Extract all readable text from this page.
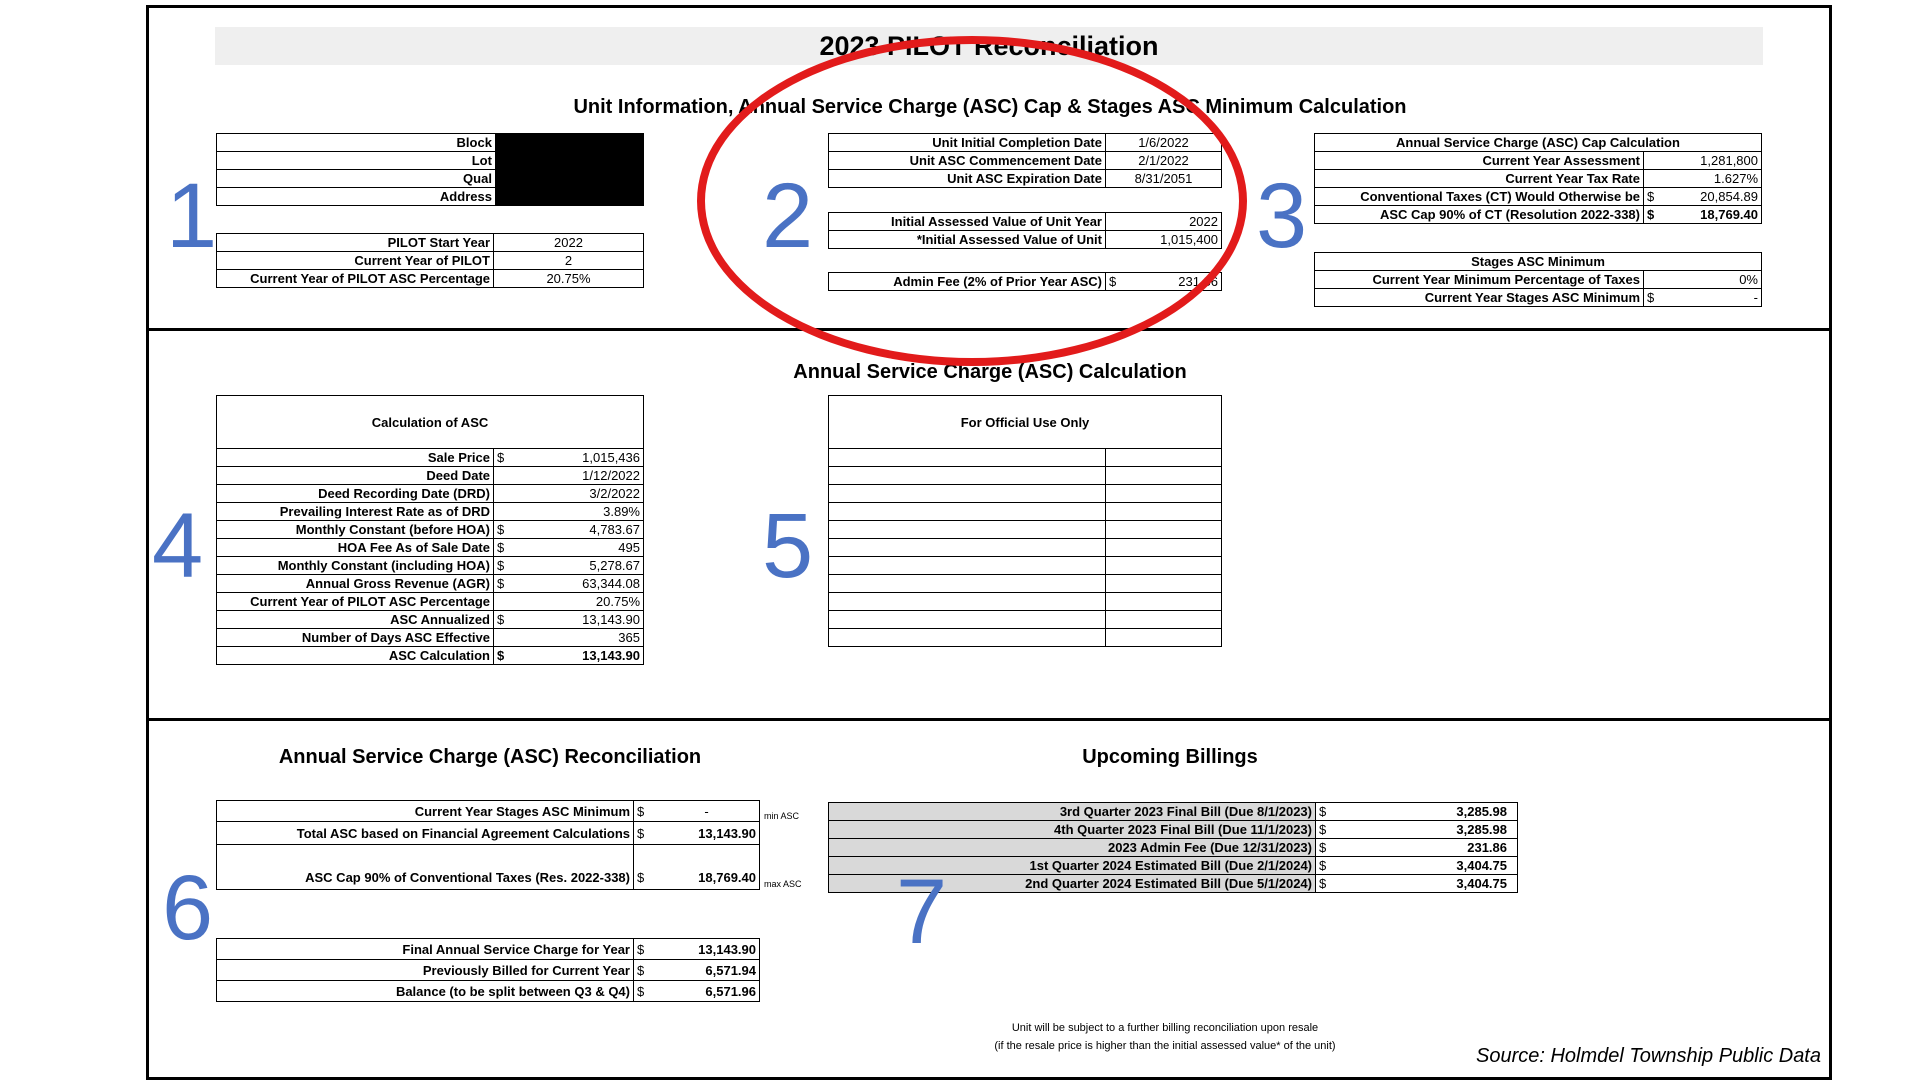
2023 PILOT Reconciliation
Unit Information, Annual Service Charge (ASC) Cap & Stages ASC Minimum Calculation
Annual Service Charge (ASC) Calculation
Annual Service Charge (ASC) Reconciliation	Upcoming Billings
Block	
Lot	
Qual	
Address	
PILOT Start Year	2022
Current Year of PILOT	2
Current Year of PILOT ASC Percentage	20.75%
Unit Initial Completion Date	1/6/2022
Unit ASC Commencement Date	2/1/2022
Unit ASC Expiration Date	8/31/2051
Initial Assessed Value of Unit Year	2022
*Initial Assessed Value of Unit	1,015,400
Admin Fee (2% of Prior Year ASC)	$	231.86
Annual Service Charge (ASC) Cap Calculation		
Current Year Assessment		1,281,800
Current Year Tax Rate		1.627%
Conventional Taxes (CT) Would Otherwise be	$	20,854.89
ASC Cap 90% of CT (Resolution 2022-338)	$	18,769.40
Stages ASC Minimum		
Current Year Minimum Percentage of Taxes		0%
Current Year Stages ASC Minimum	$	-
Calculation of ASC		
Sale Price	$	1,015,436
Deed Date		1/12/2022
Deed Recording Date (DRD)		3/2/2022
Prevailing Interest Rate as of DRD		3.89%
Monthly Constant (before HOA)	$	4,783.67
HOA Fee As of Sale Date	$	495
Monthly Constant (including HOA)	$	5,278.67
Annual Gross Revenue (AGR)	$	63,344.08
Current Year of PILOT ASC Percentage		20.75%
ASC Annualized	$	13,143.90
Number of Days ASC Effective		365
ASC Calculation	$	13,143.90
For Official Use Only	

Current Year Stages ASC Minimum	$	-
Total ASC based on Financial Agreement Calculations	$	13,143.90
ASC Cap 90% of Conventional Taxes (Res. 2022-338)	$	18,769.40
min ASC
max ASC
Final Annual Service Charge for Year	$	13,143.90
Previously Billed for Current Year	$	6,571.94
Balance (to be split between Q3 & Q4)	$	6,571.96
3rd Quarter 2023 Final Bill (Due 8/1/2023)	$	3,285.98
4th Quarter 2023 Final Bill (Due 11/1/2023)	$	3,285.98
2023 Admin Fee (Due 12/31/2023)	$	231.86
1st Quarter 2024 Estimated Bill (Due 2/1/2024)	$	3,404.75
2nd Quarter 2024 Estimated Bill (Due 5/1/2024)	$	3,404.75
Unit will be subject to a further billing reconciliation upon resale
(if the resale price is higher than the initial assessed value* of the unit)
1	2	3
4	5
6	7
Source: Holmdel Township Public Data
